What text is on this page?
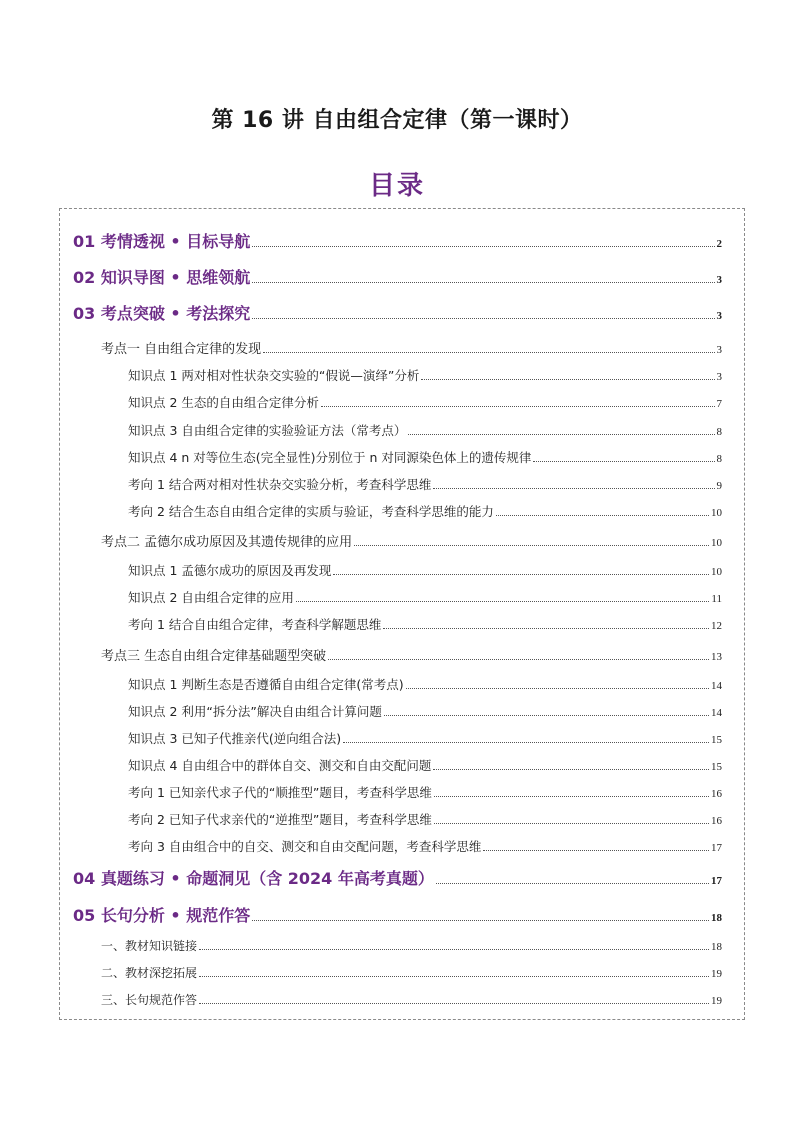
第 16 讲 自由组合定律（第一课时）
目录
01 考情透视 • 目标导航	2
02 知识导图 • 思维领航	3
03 考点突破 • 考法探究	3
考点一 自由组合定律的发现	3
知识点 1 两对相对性状杂交实验的“假说—演绎”分析	3
知识点 2 生态的自由组合定律分析	7
知识点 3 自由组合定律的实验验证方法（常考点）	8
知识点 4 n 对等位生态(完全显性)分别位于 n 对同源染色体上的遗传规律	8
考向 1 结合两对相对性状杂交实验分析，考查科学思维	9
考向 2 结合生态自由组合定律的实质与验证，考查科学思维的能力	10
考点二 孟德尔成功原因及其遗传规律的应用	10
知识点 1 孟德尔成功的原因及再发现	10
知识点 2 自由组合定律的应用	11
考向 1 结合自由组合定律，考查科学解题思维	12
考点三 生态自由组合定律基础题型突破	13
知识点 1 判断生态是否遵循自由组合定律(常考点)	14
知识点 2 利用“拆分法”解决自由组合计算问题	14
知识点 3 已知子代推亲代(逆向组合法)	15
知识点 4 自由组合中的群体自交、测交和自由交配问题	15
考向 1 已知亲代求子代的“顺推型”题目，考查科学思维	16
考向 2 已知子代求亲代的“逆推型”题目，考查科学思维	16
考向 3 自由组合中的自交、测交和自由交配问题，考查科学思维	17
04 真题练习 • 命题洞见（含 2024 年高考真题）	17
05 长句分析 • 规范作答	18
一、教材知识链接	18
二、教材深挖拓展	19
三、长句规范作答	19
